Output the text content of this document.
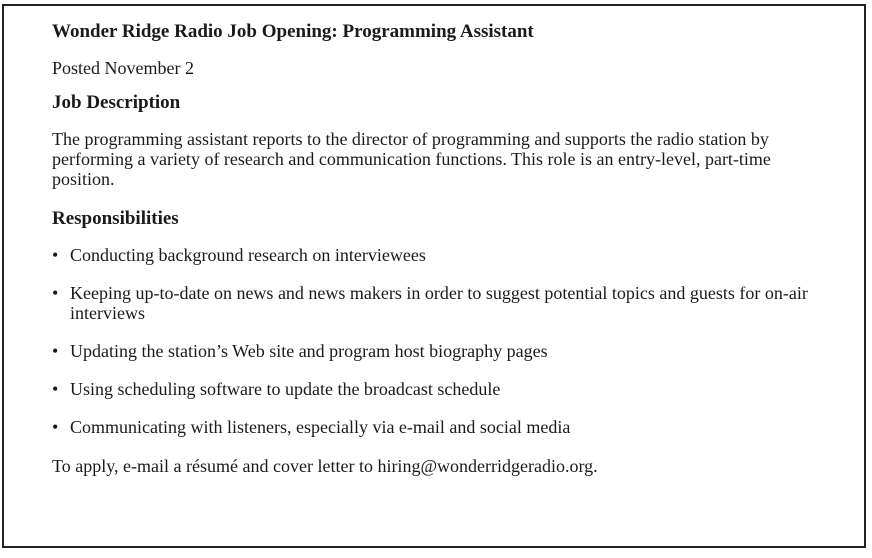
Wonder Ridge Radio Job Opening: Programming Assistant
Posted November 2
Job Description
The programming assistant reports to the director of programming and supports the radio station by performing a variety of research and communication functions. This role is an entry-level, part-time position.
Responsibilities
• Conducting background research on interviewees
• Keeping up-to-date on news and news makers in order to suggest potential topics and guests for on-air interviews
• Updating the station’s Web site and program host biography pages
• Using scheduling software to update the broadcast schedule
• Communicating with listeners, especially via e-mail and social media
To apply, e-mail a résumé and cover letter to hiring@wonderridgeradio.org.
